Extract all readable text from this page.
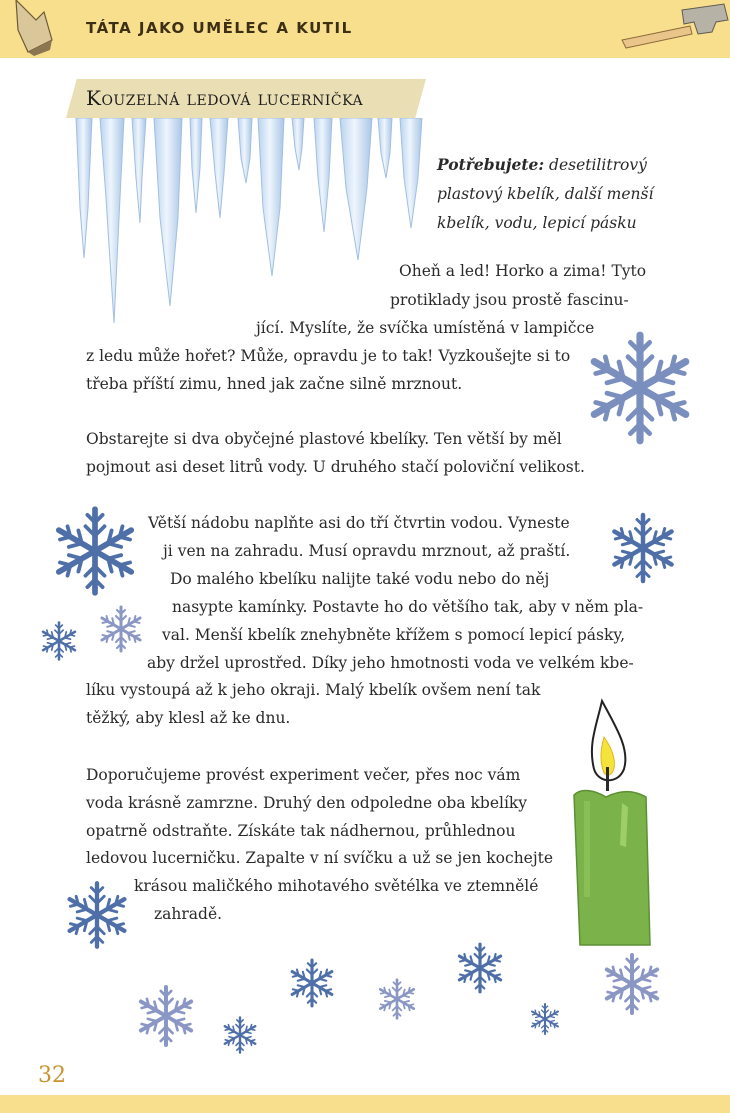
TÁTA JAKO UMĚLEC A KUTIL
Kouzelná ledová lucernička
Potřebujete: desetilitrový
plastový kbelík, další menší
kbelík, vodu, lepicí pásku
Oheň a led! Horko a zima! Tyto
protiklady jsou prostě fascinu-
jící. Myslíte, že svíčka umístěná v lampičce
z ledu může hořet? Může, opravdu je to tak! Vyzkoušejte si to
třeba příští zimu, hned jak začne silně mrznout.
Obstarejte si dva obyčejné plastové kbelíky. Ten větší by měl
pojmout asi deset litrů vody. U druhého stačí poloviční velikost.
Větší nádobu naplňte asi do tří čtvrtin vodou. Vyneste
ji ven na zahradu. Musí opravdu mrznout, až praští.
Do malého kbelíku nalijte také vodu nebo do něj
nasypte kamínky. Postavte ho do většího tak, aby v něm pla-
val. Menší kbelík znehybněte křížem s pomocí lepicí pásky,
aby držel uprostřed. Díky jeho hmotnosti voda ve velkém kbe-
líku vystoupá až k jeho okraji. Malý kbelík ovšem není tak
těžký, aby klesl až ke dnu.
Doporučujeme provést experiment večer, přes noc vám
voda krásně zamrzne. Druhý den odpoledne oba kbelíky
opatrně odstraňte. Získáte tak nádhernou, průhlednou
ledovou lucerničku. Zapalte v ní svíčku a už se jen kochejte
krásou maličkého mihotavého světélka ve ztemnělé
zahradě.
32
